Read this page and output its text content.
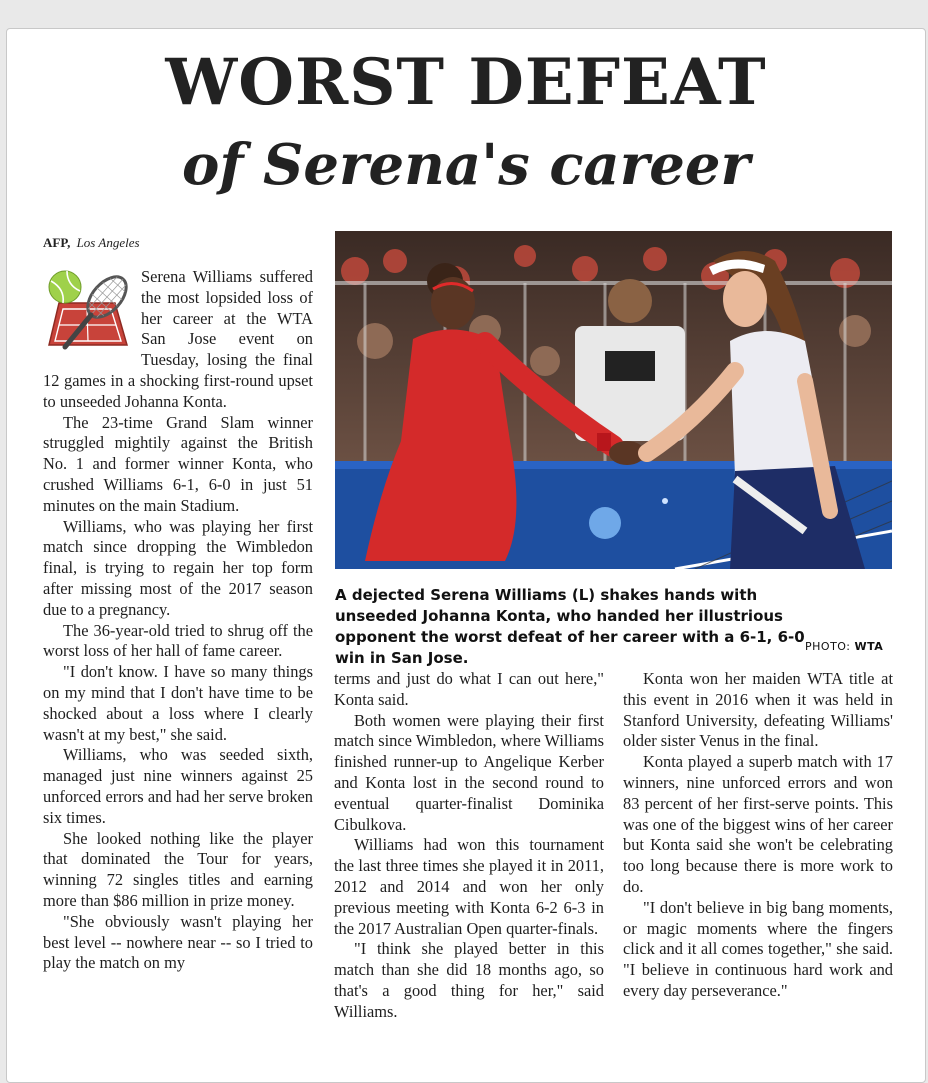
WORST DEFEAT
of Serena's career
AFP, Los Angeles

Serena Williams suffered the most lopsided loss of her career at the WTA San Jose event on Tuesday, losing the final 12 games in a shocking first-round upset to unseeded Johanna Konta.

The 23-time Grand Slam winner struggled mightily against the British No. 1 and former winner Konta, who crushed Williams 6-1, 6-0 in just 51 minutes on the main Stadium.

Williams, who was playing her first match since dropping the Wimbledon final, is trying to regain her top form after missing most of the 2017 season due to a pregnancy.

The 36-year-old tried to shrug off the worst loss of her hall of fame career.

"I don't know. I have so many things on my mind that I don't have time to be shocked about a loss where I clearly wasn't at my best," she said.

Williams, who was seeded sixth, managed just nine winners against 25 unforced errors and had her serve broken six times.

She looked nothing like the player that dominated the Tour for years, winning 72 singles titles and earning more than $86 million in prize money.

"She obviously wasn't playing her best level -- nowhere near -- so I tried to play the match on my

A dejected Serena Williams (L) shakes hands with unseeded Johanna Konta, who handed her illustrious opponent the worst defeat of her career with a 6-1, 6-0 win in San Jose.
PHOTO: WTA

terms and just do what I can out here," Konta said.

Both women were playing their first match since Wimbledon, where Williams finished runner-up to Angelique Kerber and Konta lost in the second round to eventual quarter-finalist Dominika Cibulkova.

Williams had won this tournament the last three times she played it in 2011, 2012 and 2014 and won her only previous meeting with Konta 6-2 6-3 in the 2017 Australian Open quarter-finals.

"I think she played better in this match than she did 18 months ago, so that's a good thing for her," said Williams.

Konta won her maiden WTA title at this event in 2016 when it was held in Stanford University, defeating Williams' older sister Venus in the final.

Konta played a superb match with 17 winners, nine unforced errors and won 83 percent of her first-serve points. This was one of the biggest wins of her career but Konta said she won't be celebrating too long because there is more work to do.

"I don't believe in big bang moments, or magic moments where the fingers click and it all comes together," she said. "I believe in continuous hard work and every day perseverance."
